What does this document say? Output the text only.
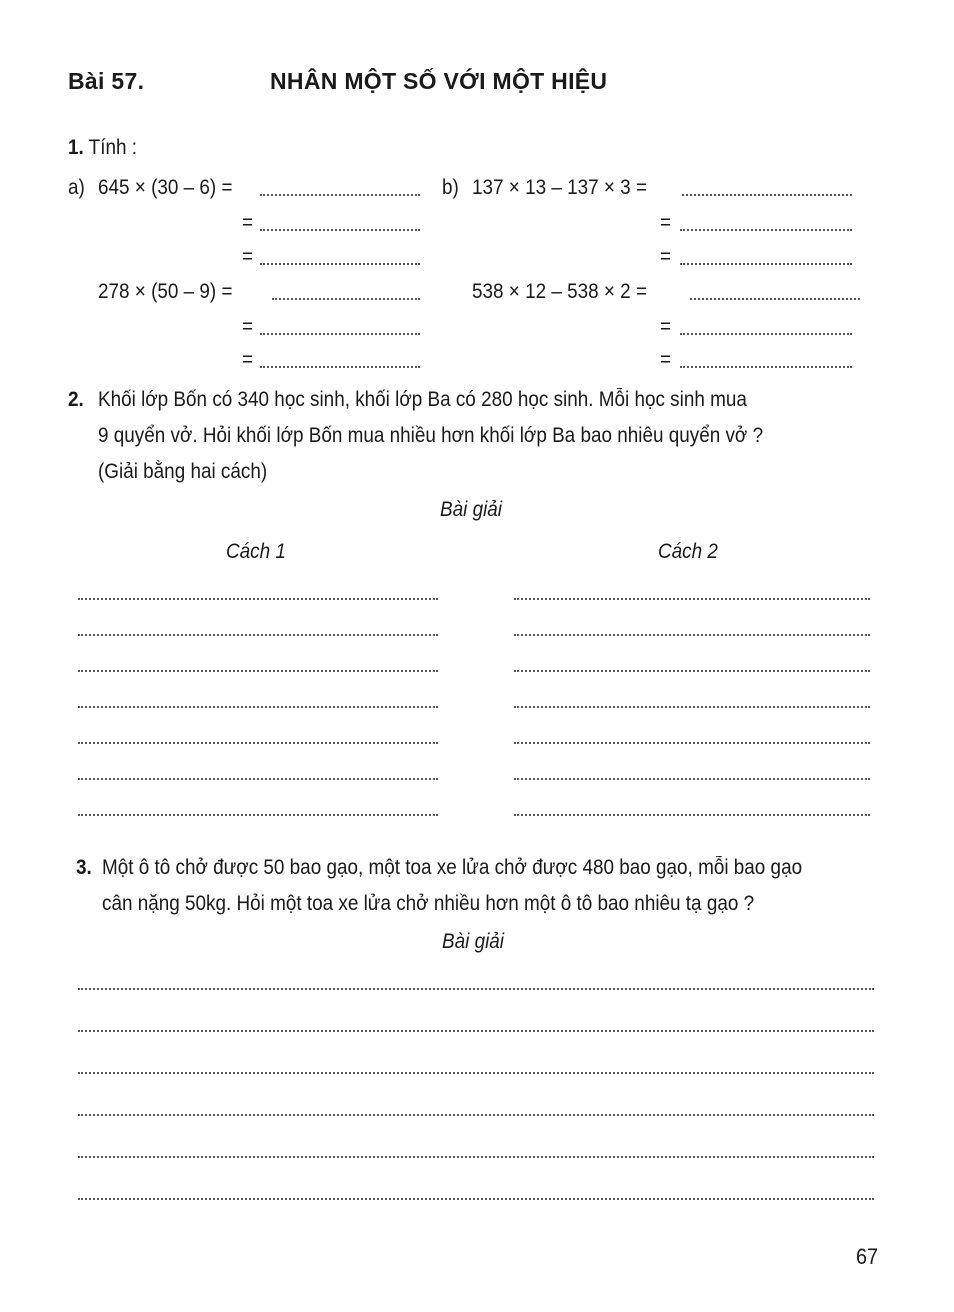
Bài 57.	NHÂN MỘT SỐ VỚI MỘT HIỆU
1. Tính :
a) 645 × (30 – 6) =
=
=
278 × (50 – 9) =
=
=
b) 137 × 13 – 137 × 3 =
=
=
538 × 12 – 538 × 2 =
=
=
2. Khối lớp Bốn có 340 học sinh, khối lớp Ba có 280 học sinh. Mỗi học sinh mua
9 quyển vở. Hỏi khối lớp Bốn mua nhiều hơn khối lớp Ba bao nhiêu quyển vở ?
(Giải bằng hai cách)
Bài giải
Cách 1	Cách 2
3. Một ô tô chở được 50 bao gạo, một toa xe lửa chở được 480 bao gạo, mỗi bao gạo
cân nặng 50kg. Hỏi một toa xe lửa chở nhiều hơn một ô tô bao nhiêu tạ gạo ?
Bài giải
67
